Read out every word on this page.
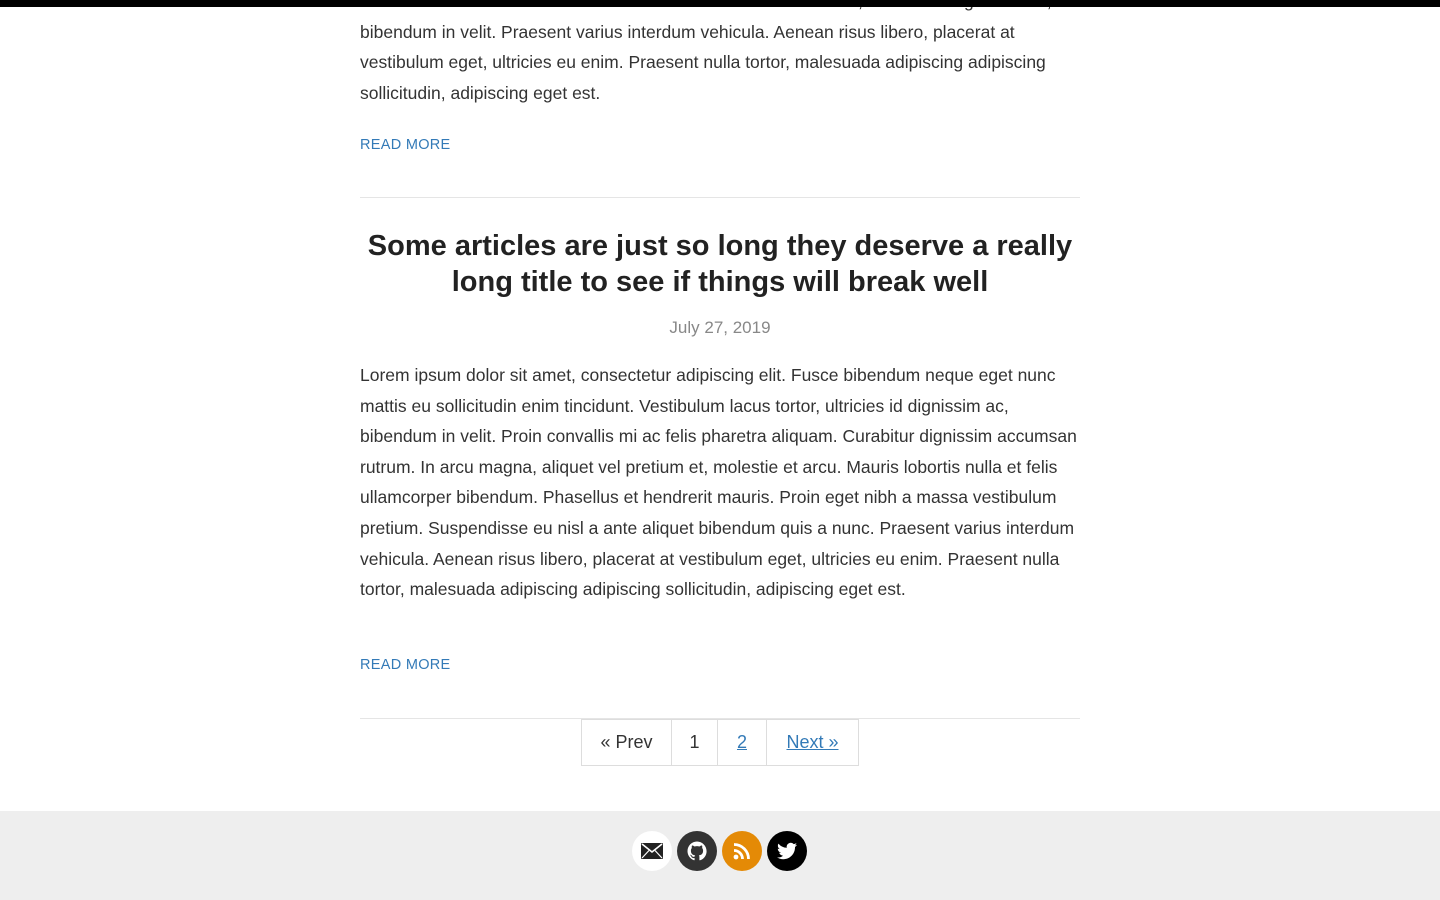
bibendum in velit. Praesent varius interdum vehicula. Aenean risus libero, placerat at vestibulum eget, ultricies eu enim. Praesent nulla tortor, malesuada adipiscing adipiscing sollicitudin, adipiscing eget est.

READ MORE
Some articles are just so long they deserve a really long title to see if things will break well
July 27, 2019

Lorem ipsum dolor sit amet, consectetur adipiscing elit. Fusce bibendum neque eget nunc mattis eu sollicitudin enim tincidunt. Vestibulum lacus tortor, ultricies id dignissim ac, bibendum in velit. Proin convallis mi ac felis pharetra aliquam. Curabitur dignissim accumsan rutrum. In arcu magna, aliquet vel pretium et, molestie et arcu. Mauris lobortis nulla et felis ullamcorper bibendum. Phasellus et hendrerit mauris. Proin eget nibh a massa vestibulum pretium. Suspendisse eu nisl a ante aliquet bibendum quis a nunc. Praesent varius interdum vehicula. Aenean risus libero, placerat at vestibulum eget, ultricies eu enim. Praesent nulla tortor, malesuada adipiscing adipiscing sollicitudin, adipiscing eget est.

READ MORE
« Prev	1	2	Next »
